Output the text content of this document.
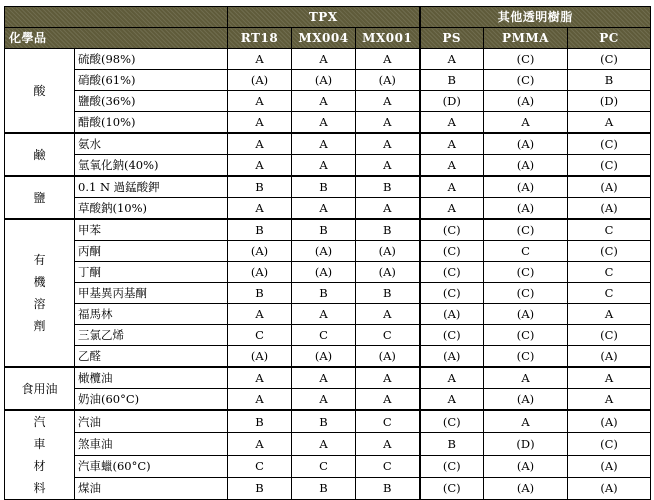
		TPX			其他透明樹脂		
化學品		RT18	MX004	MX001	PS	PMMA	PC
酸	硫酸(98%)	A	A	A	A	(C)	(C)
	硝酸(61%)	(A)	(A)	(A)	B	(C)	B
	鹽酸(36%)	A	A	A	(D)	(A)	(D)
	醋酸(10%)	A	A	A	A	A	A
鹼	氨水	A	A	A	A	(A)	(C)
	氫氧化鈉(40%)	A	A	A	A	(A)	(C)
鹽	0.1 N 過錳酸鉀	B	B	B	A	(A)	(A)
	草酸鈉(10%)	A	A	A	A	(A)	(A)
有
機
溶
劑	甲苯	B	B	B	(C)	(C)	C
	丙酮	(A)	(A)	(A)	(C)	C	(C)
	丁酮	(A)	(A)	(A)	(C)	(C)	C
	甲基異丙基酮	B	B	B	(C)	(C)	C
	福馬林	A	A	A	(A)	(A)	A
	三氯乙烯	C	C	C	(C)	(C)	(C)
	乙醛	(A)	(A)	(A)	(A)	(C)	(A)
食用油	橄欖油	A	A	A	A	A	A
	奶油(60°C)	A	A	A	A	(A)	A
汽
車
材
料	汽油	B	B	C	(C)	A	(A)
	煞車油	A	A	A	B	(D)	(C)
	汽車蠟(60°C)	C	C	C	(C)	(A)	(A)
	煤油	B	B	B	(C)	(A)	(A)
